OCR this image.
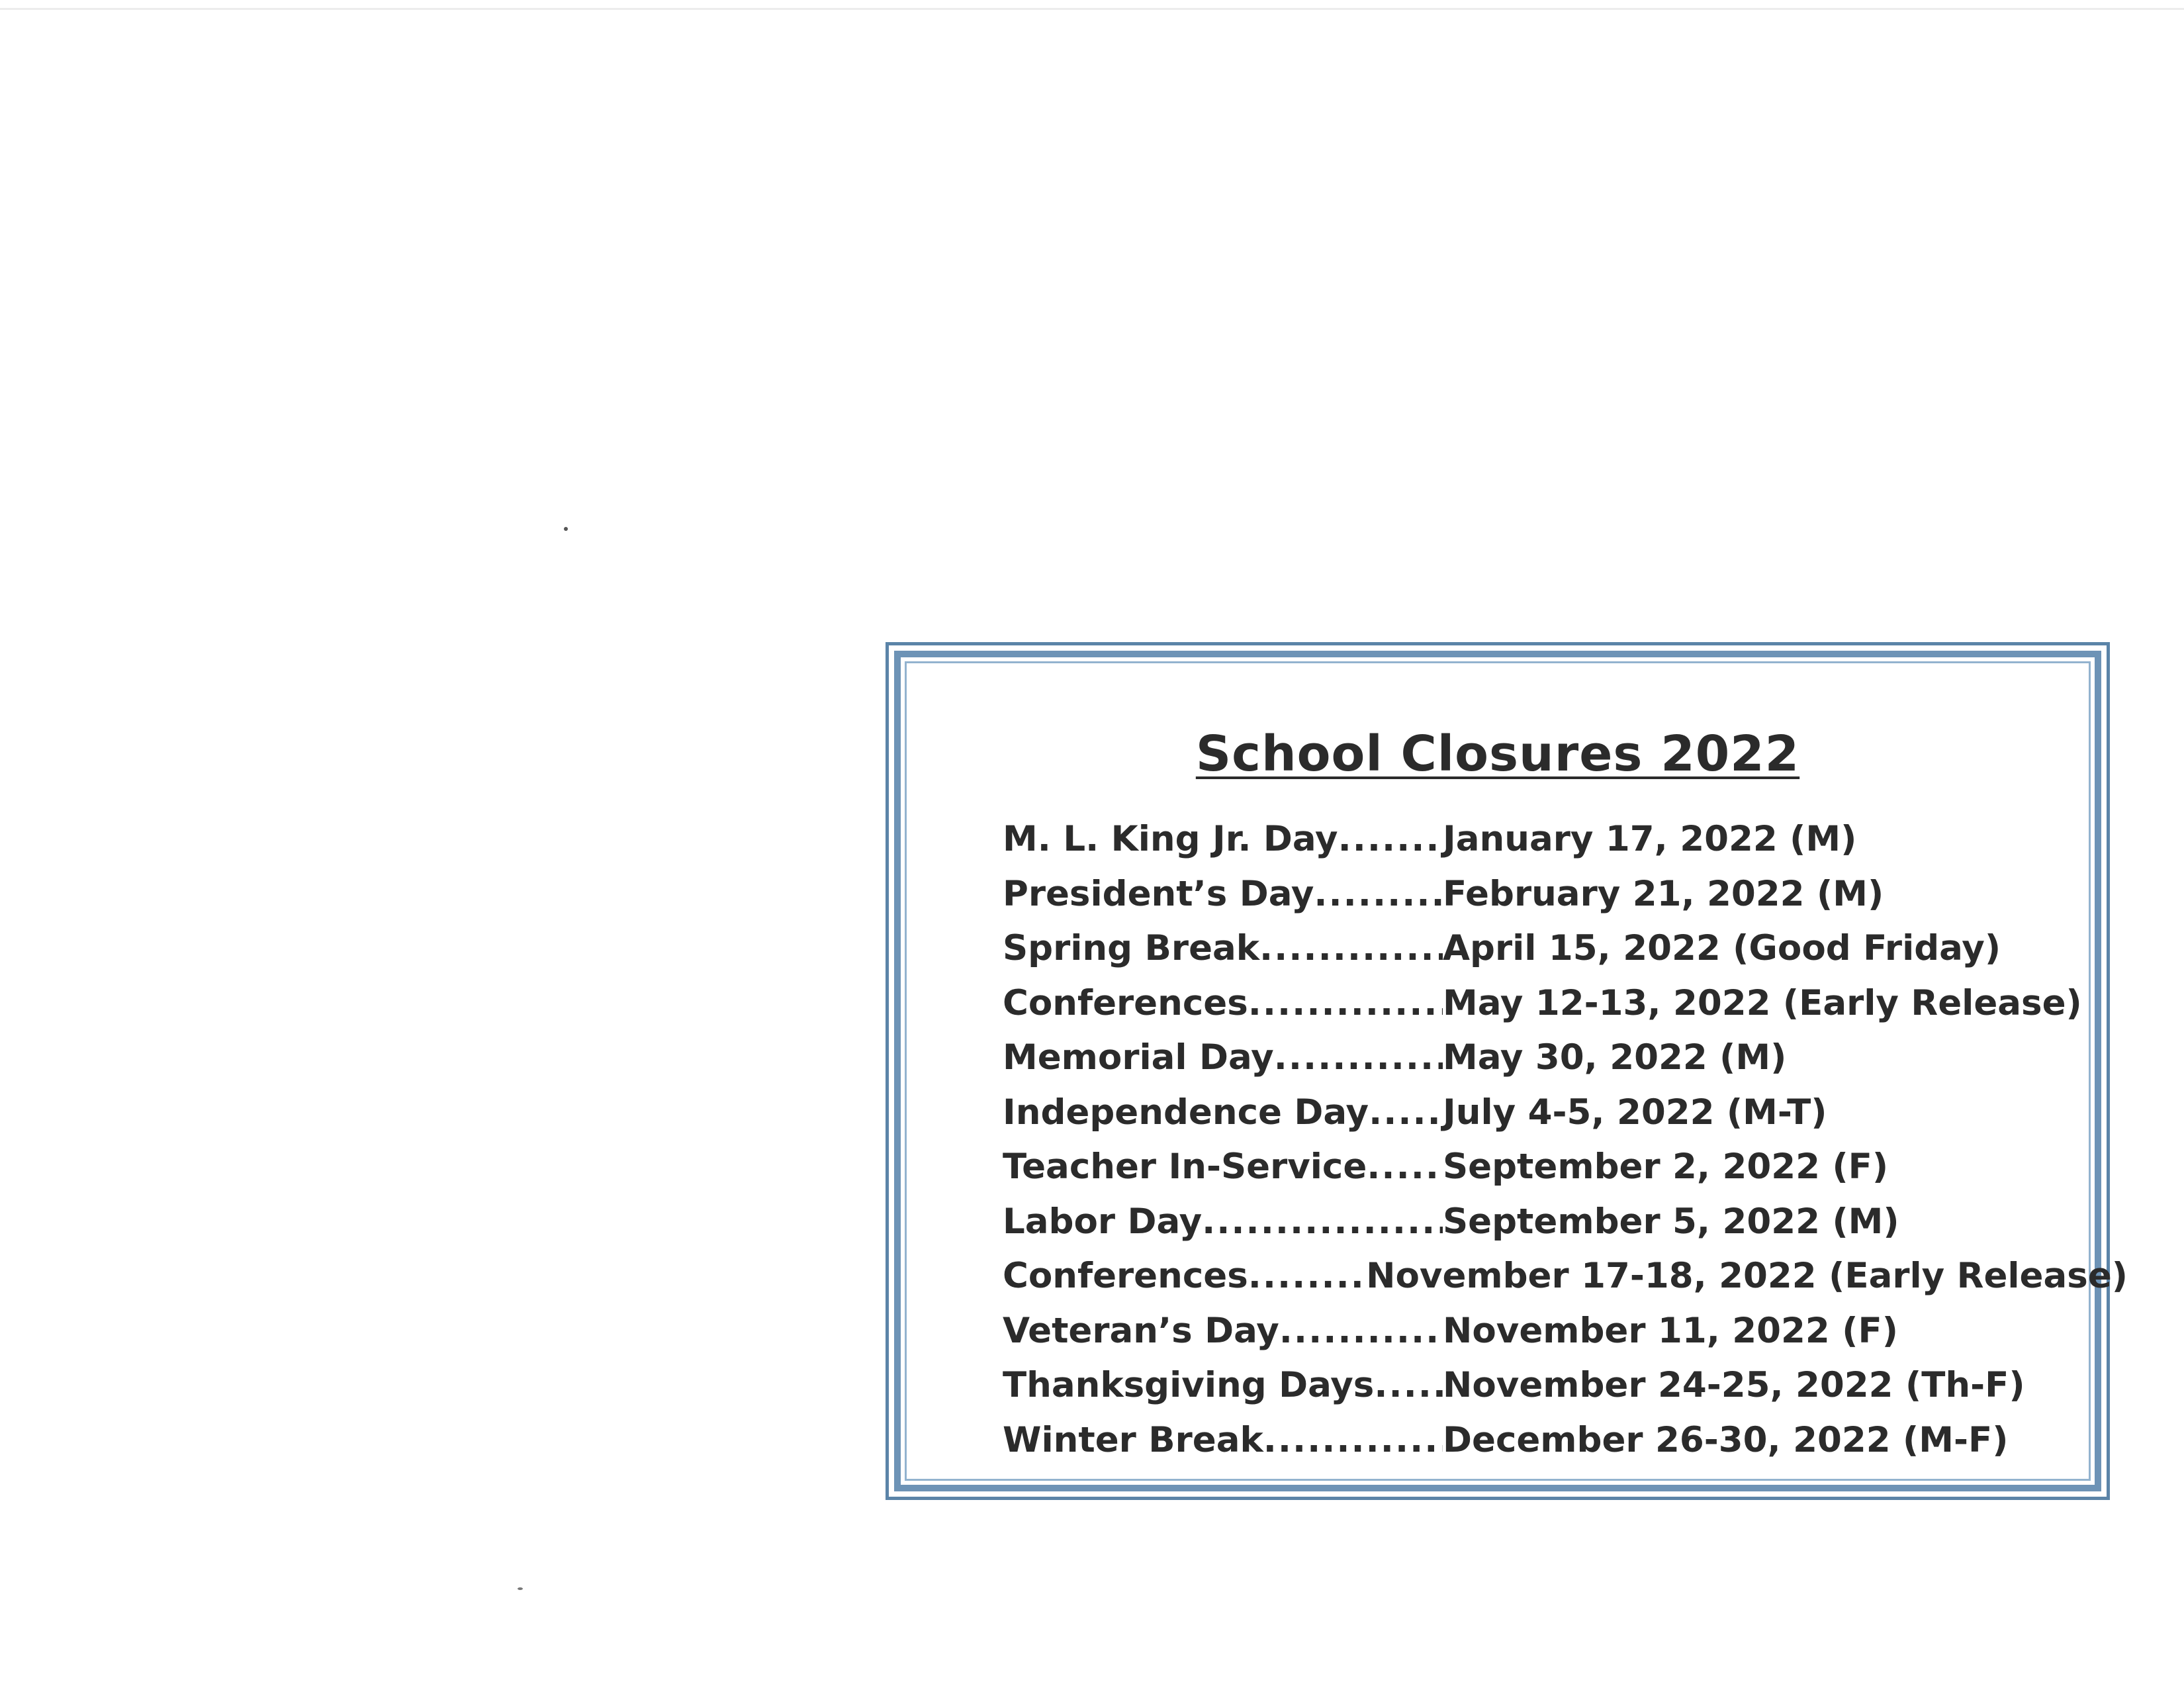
School Closures 2022
M. L. King Jr. Day .....	January 17, 2022 (M)
President’s Day .....	February 21, 2022 (M)
Spring Break .....	April 15, 2022 (Good Friday)
Conferences .....	May 12-13, 2022 (Early Release)
Memorial Day .....	May 30, 2022 (M)
Independence Day ..... July 4-5, 2022 (M-T)
Teacher In-Service ..... September 2, 2022 (F)
Labor Day .....	September 5, 2022 (M)
Conferences .....	November 17-18, 2022 (Early Release)
Veteran’s Day .....	November 11, 2022 (F)
Thanksgiving Days ..... November 24-25, 2022 (Th-F)
Winter Break .....	December 26-30, 2022 (M-F)
